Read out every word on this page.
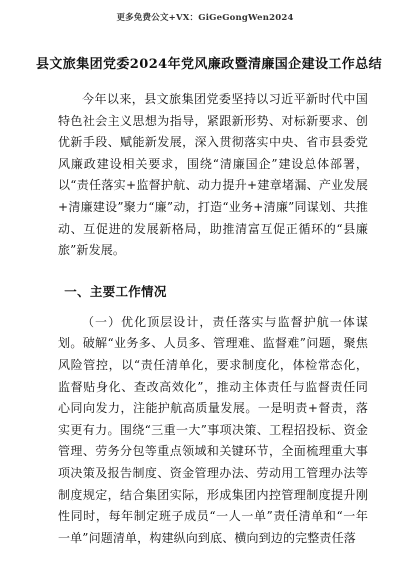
更多免费公文+VX：GiGeGongWen2024
县文旅集团党委2024年党风廉政暨清廉国企建设工作总结

今年以来，县文旅集团党委坚持以习近平新时代中国特色社会主义思想为指导，紧跟新形势、对标新要求、创优新手段、赋能新发展，深入贯彻落实中央、省市县委党风廉政建设相关要求，围绕“清廉国企”建设总体部署，以“责任落实+监督护航、动力提升+建章堵漏、产业发展+清廉建设”聚力“廉”动，打造“业务+清廉”同谋划、共推动、互促进的发展新格局，助推清富互促正循环的“县廉旅”新发展。

一、主要工作情况

（一）优化顶层设计，责任落实与监督护航一体谋划。破解“业务多、人员多、管理难、监督难”问题，聚焦风险管控，以“责任清单化，要求制度化，体检常态化，监督贴身化、查改高效化”，推动主体责任与监督责任同心同向发力，注能护航高质量发展。一是明责+督责，落实更有力。围绕“三重一大”事项决策、工程招投标、资金管理、劳务分包等重点领域和关键环节，全面梳理重大事项决策及报告制度、资金管理办法、劳动用工管理办法等制度规定，结合集团实际，形成集团内控管理制度提升刚性同时，每年制定班子成员“一人一单”责任清单和“一年一单”问题清单，构建纵向到底、横向到边的完整责任落
